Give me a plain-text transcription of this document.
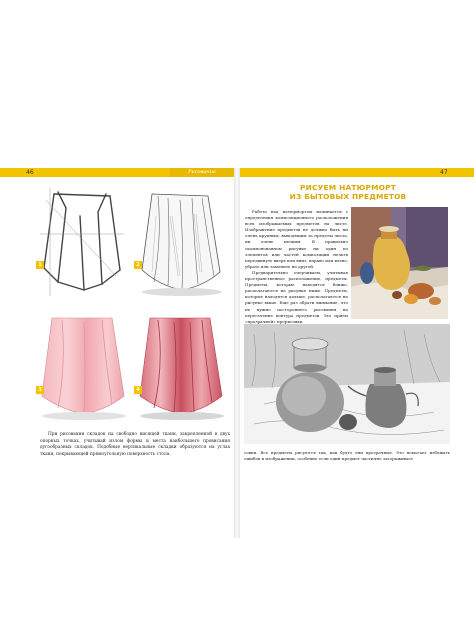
46	Рисование натюрморта
47
1	2
3	4
При рисовании складок на свободно висящей ткани, закрепленной в двух опорных точках, учитывай излом формы и места наибольшего провисания дугообразных складок. Подобные вертикальные складки образуются на углах ткани, покрывающей прямоугольную поверхность стола.
РИСУЕМ НАТЮРМОРТ
ИЗ БЫТОВЫХ ПРЕДМЕТОВ

Работа над натюрмортом начинается с определения композиционного расположения всех изображаемых предметов на листе. Изображение предметов не должно быть ни очень крупным, выходящим за пределы листа, ни очень мелким. В правильно скомпонованном рисунке ни один из элементов или частей композиции нельзя передвинуть вверх или вниз, вправо или влево, убрать или заменить на другой.

Предварительно очерчиваем, учитывая пространственное расположение, предметы. Предметы, которые находятся ближе, располагаются на рисунке ниже. Предметы, которые находятся дальше, располагаются на рисунке выше. Еще раз обрати внимание, что не нужно постороннего рисования на пересечение контура предметов. Это прием «прозрачной» прорисовки

совки. Все предметы рисуются так, как будто они прозрачные. Это помогает избежать ошибок в изображении, особенно если один предмет частично загораживает
